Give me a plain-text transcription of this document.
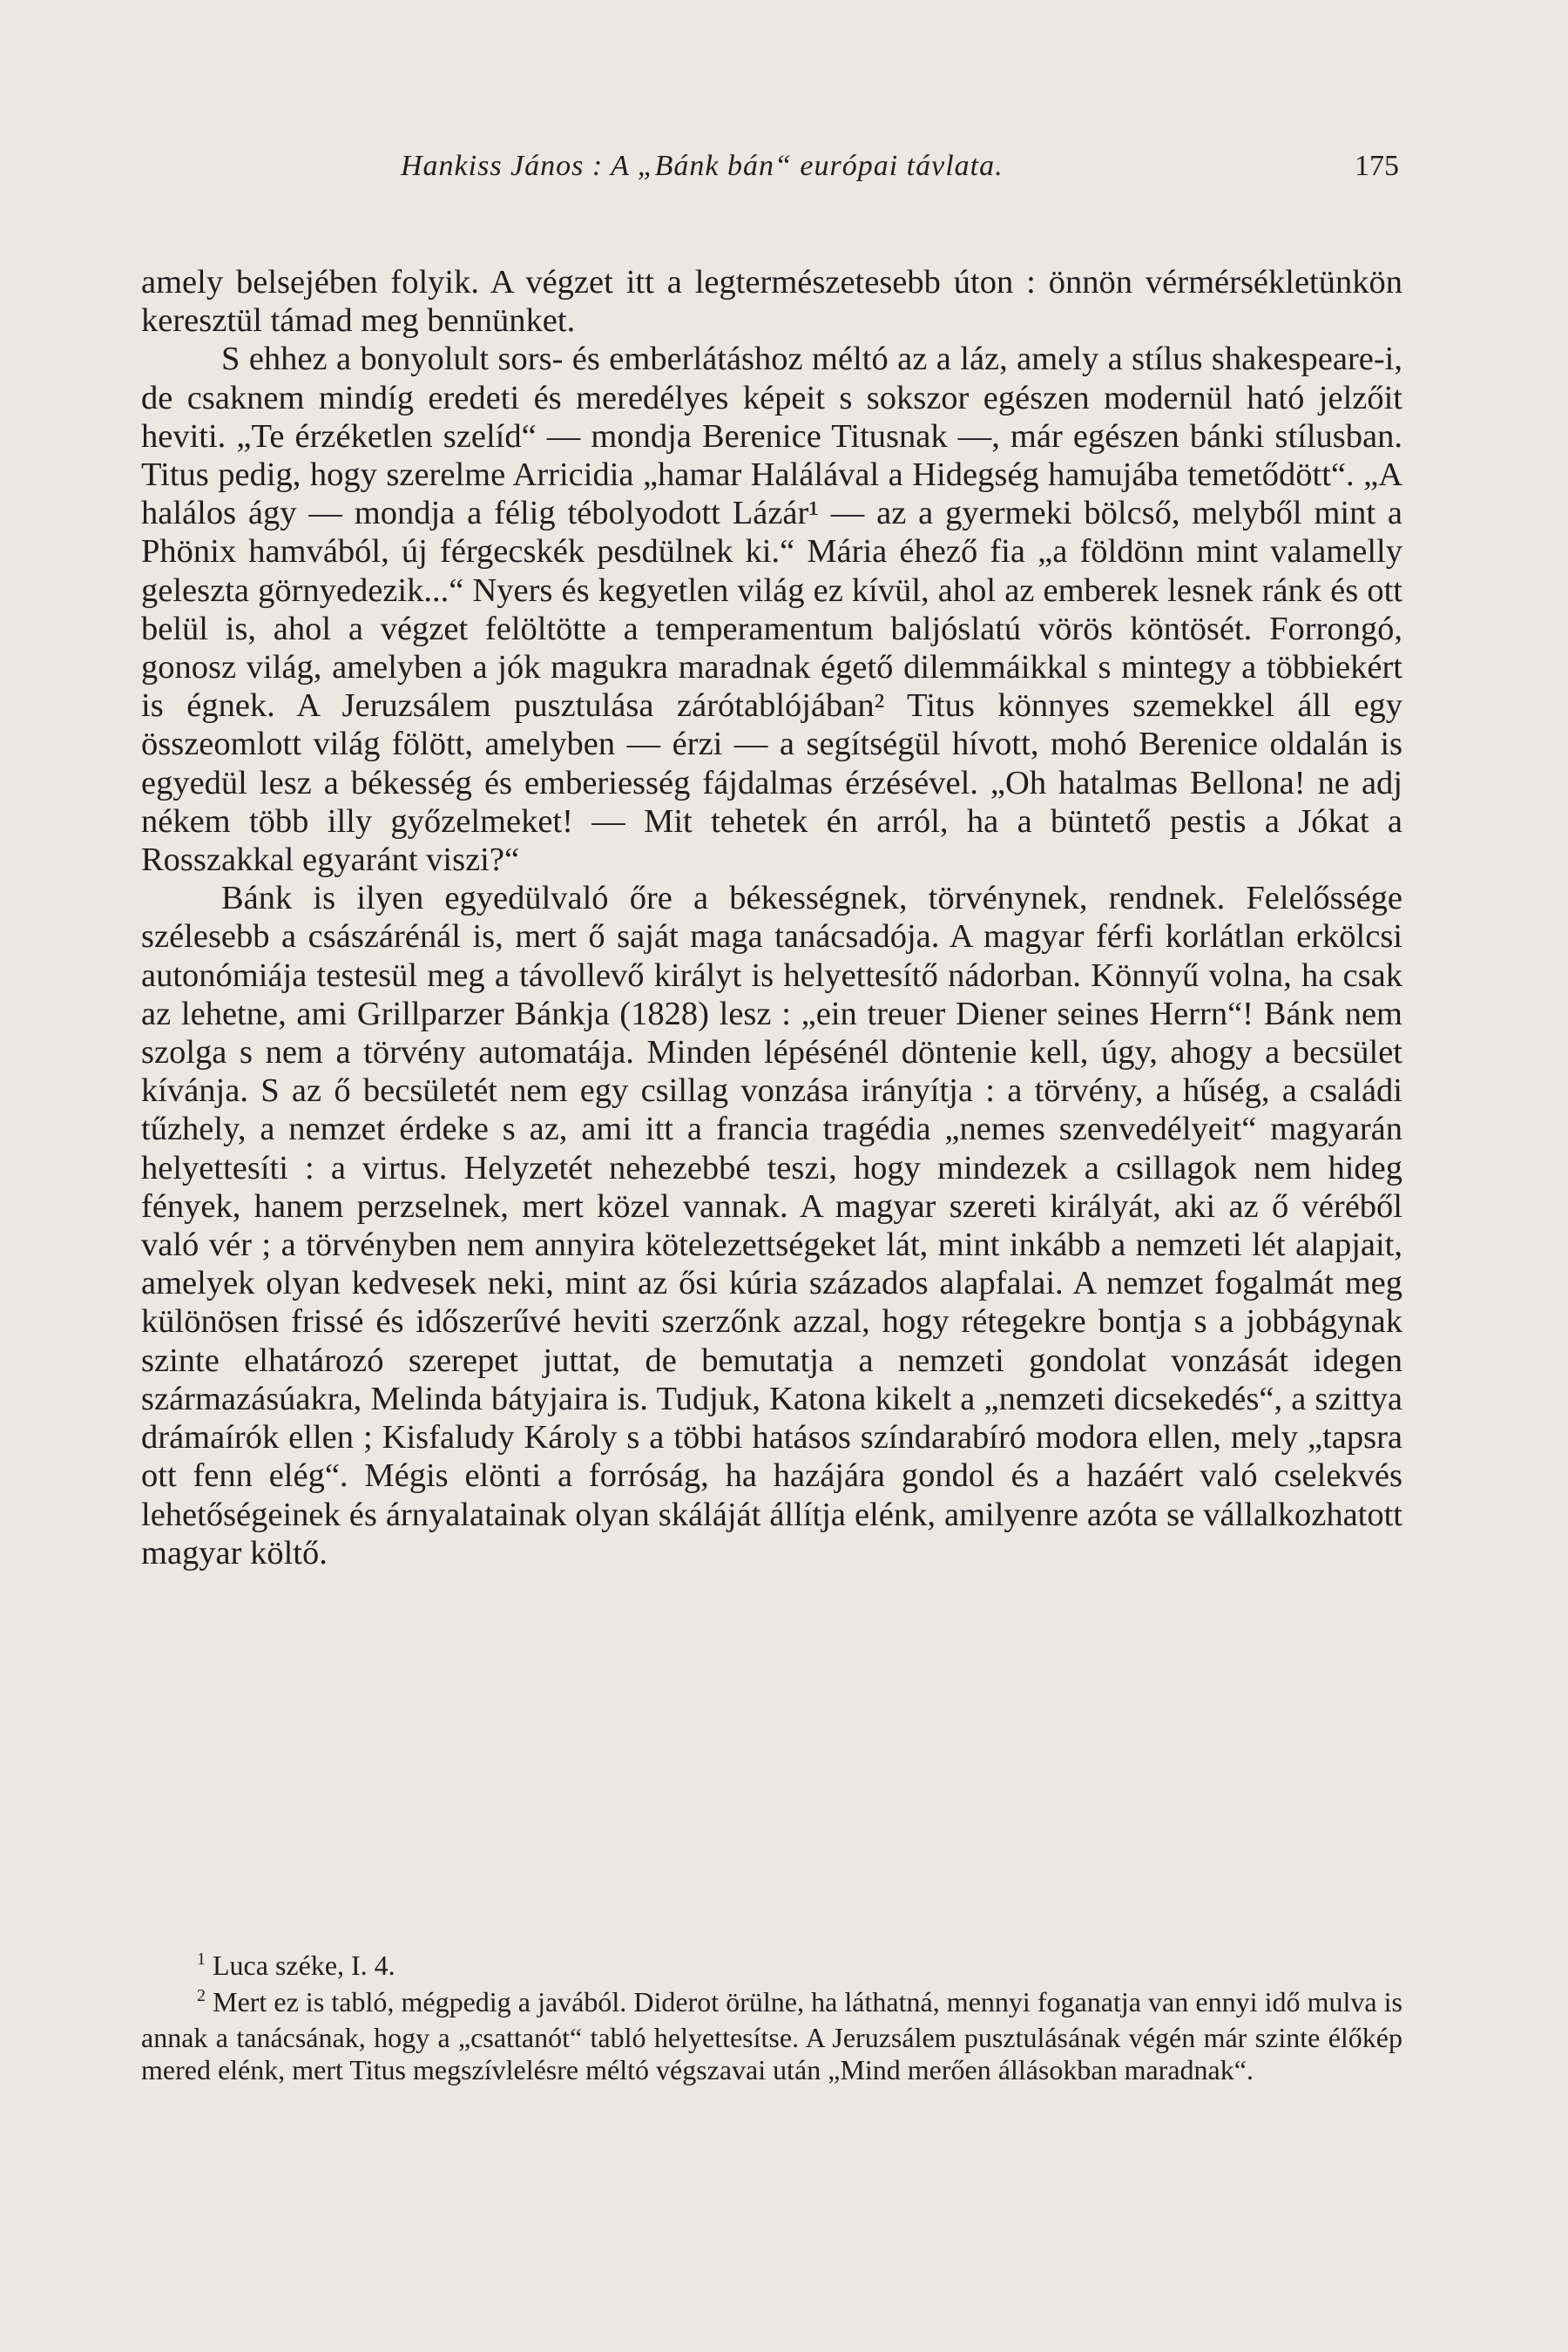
Hankiss János : A „Bánk bán“ európai távlata.	175

amely belsejében folyik. A végzet itt a legtermészetesebb úton : önnön vérmérsékletünkön keresztül támad meg bennünket.

S ehhez a bonyolult sors- és emberlátáshoz méltó az a láz, amely a stílus shakespeare-i, de csaknem mindíg eredeti és meredélyes képeit s sokszor egészen modernül ható jelzőit heviti. „Te érzéketlen szelíd“ — mondja Berenice Titusnak —, már egészen bánki stílusban. Titus pedig, hogy szerelme Arricidia „hamar Halálával a Hidegség hamujába temetődött“. „A halálos ágy — mondja a félig tébolyodott Lázár¹ — az a gyermeki bölcső, melyből mint a Phönix hamvából, új férgecskék pesdülnek ki.“ Mária éhező fia „a földönn mint valamelly geleszta görnyedezik...“ Nyers és kegyetlen világ ez kívül, ahol az emberek lesnek ránk és ott belül is, ahol a végzet felöltötte a temperamentum baljóslatú vörös köntösét. Forrongó, gonosz világ, amelyben a jók magukra maradnak égető dilemmáikkal s mintegy a többiekért is égnek. A Jeruzsálem pusztulása zárótablójában² Titus könnyes szemekkel áll egy összeomlott világ fölött, amelyben — érzi — a segítségül hívott, mohó Berenice oldalán is egyedül lesz a békesség és emberiesség fájdalmas érzésével. „Oh hatalmas Bellona! ne adj nékem több illy győzelmeket! — Mit tehetek én arról, ha a büntető pestis a Jókat a Rosszakkal egyaránt viszi?“

Bánk is ilyen egyedülvaló őre a békességnek, törvénynek, rendnek. Felelőssége szélesebb a császárénál is, mert ő saját maga tanácsadója. A magyar férfi korlátlan erkölcsi autonómiája testesül meg a távollevő királyt is helyettesítő nádorban. Könnyű volna, ha csak az lehetne, ami Grillparzer Bánkja (1828) lesz : „ein treuer Diener seines Herrn“! Bánk nem szolga s nem a törvény automatája. Minden lépésénél döntenie kell, úgy, ahogy a becsület kívánja. S az ő becsületét nem egy csillag vonzása irányítja : a törvény, a hűség, a családi tűzhely, a nemzet érdeke s az, ami itt a francia tragédia „nemes szenvedélyeit“ magyarán helyettesíti : a virtus. Helyzetét nehezebbé teszi, hogy mindezek a csillagok nem hideg fények, hanem perzselnek, mert közel vannak. A magyar szereti királyát, aki az ő véréből való vér ; a törvényben nem annyira kötelezettségeket lát, mint inkább a nemzeti lét alapjait, amelyek olyan kedvesek neki, mint az ősi kúria százados alapfalai. A nemzet fogalmát meg különösen frissé és időszerűvé heviti szerzőnk azzal, hogy rétegekre bontja s a jobbágynak szinte elhatározó szerepet juttat, de bemutatja a nemzeti gondolat vonzását idegen származásúakra, Melinda bátyjaira is. Tudjuk, Katona kikelt a „nemzeti dicsekedés“, a szittya drámaírók ellen ; Kisfaludy Károly s a többi hatásos színdarabíró modora ellen, mely „tapsra ott fenn elég“. Mégis elönti a forróság, ha hazájára gondol és a hazáért való cselekvés lehetőségeinek és árnyalatainak olyan skáláját állítja elénk, amilyenre azóta se vállalkozhatott magyar költő.

$^1$ Luca széke, I. 4.

$^2$ Mert ez is tabló, mégpedig a javából. Diderot örülne, ha láthatná, mennyi foganatja van ennyi idő mulva is annak a tanácsának, hogy a „csattanót“ tabló helyettesítse. A Jeruzsálem pusztulásának végén már szinte élőkép mered elénk, mert Titus megszívlelésre méltó végszavai után „Mind merően állásokban maradnak“.
